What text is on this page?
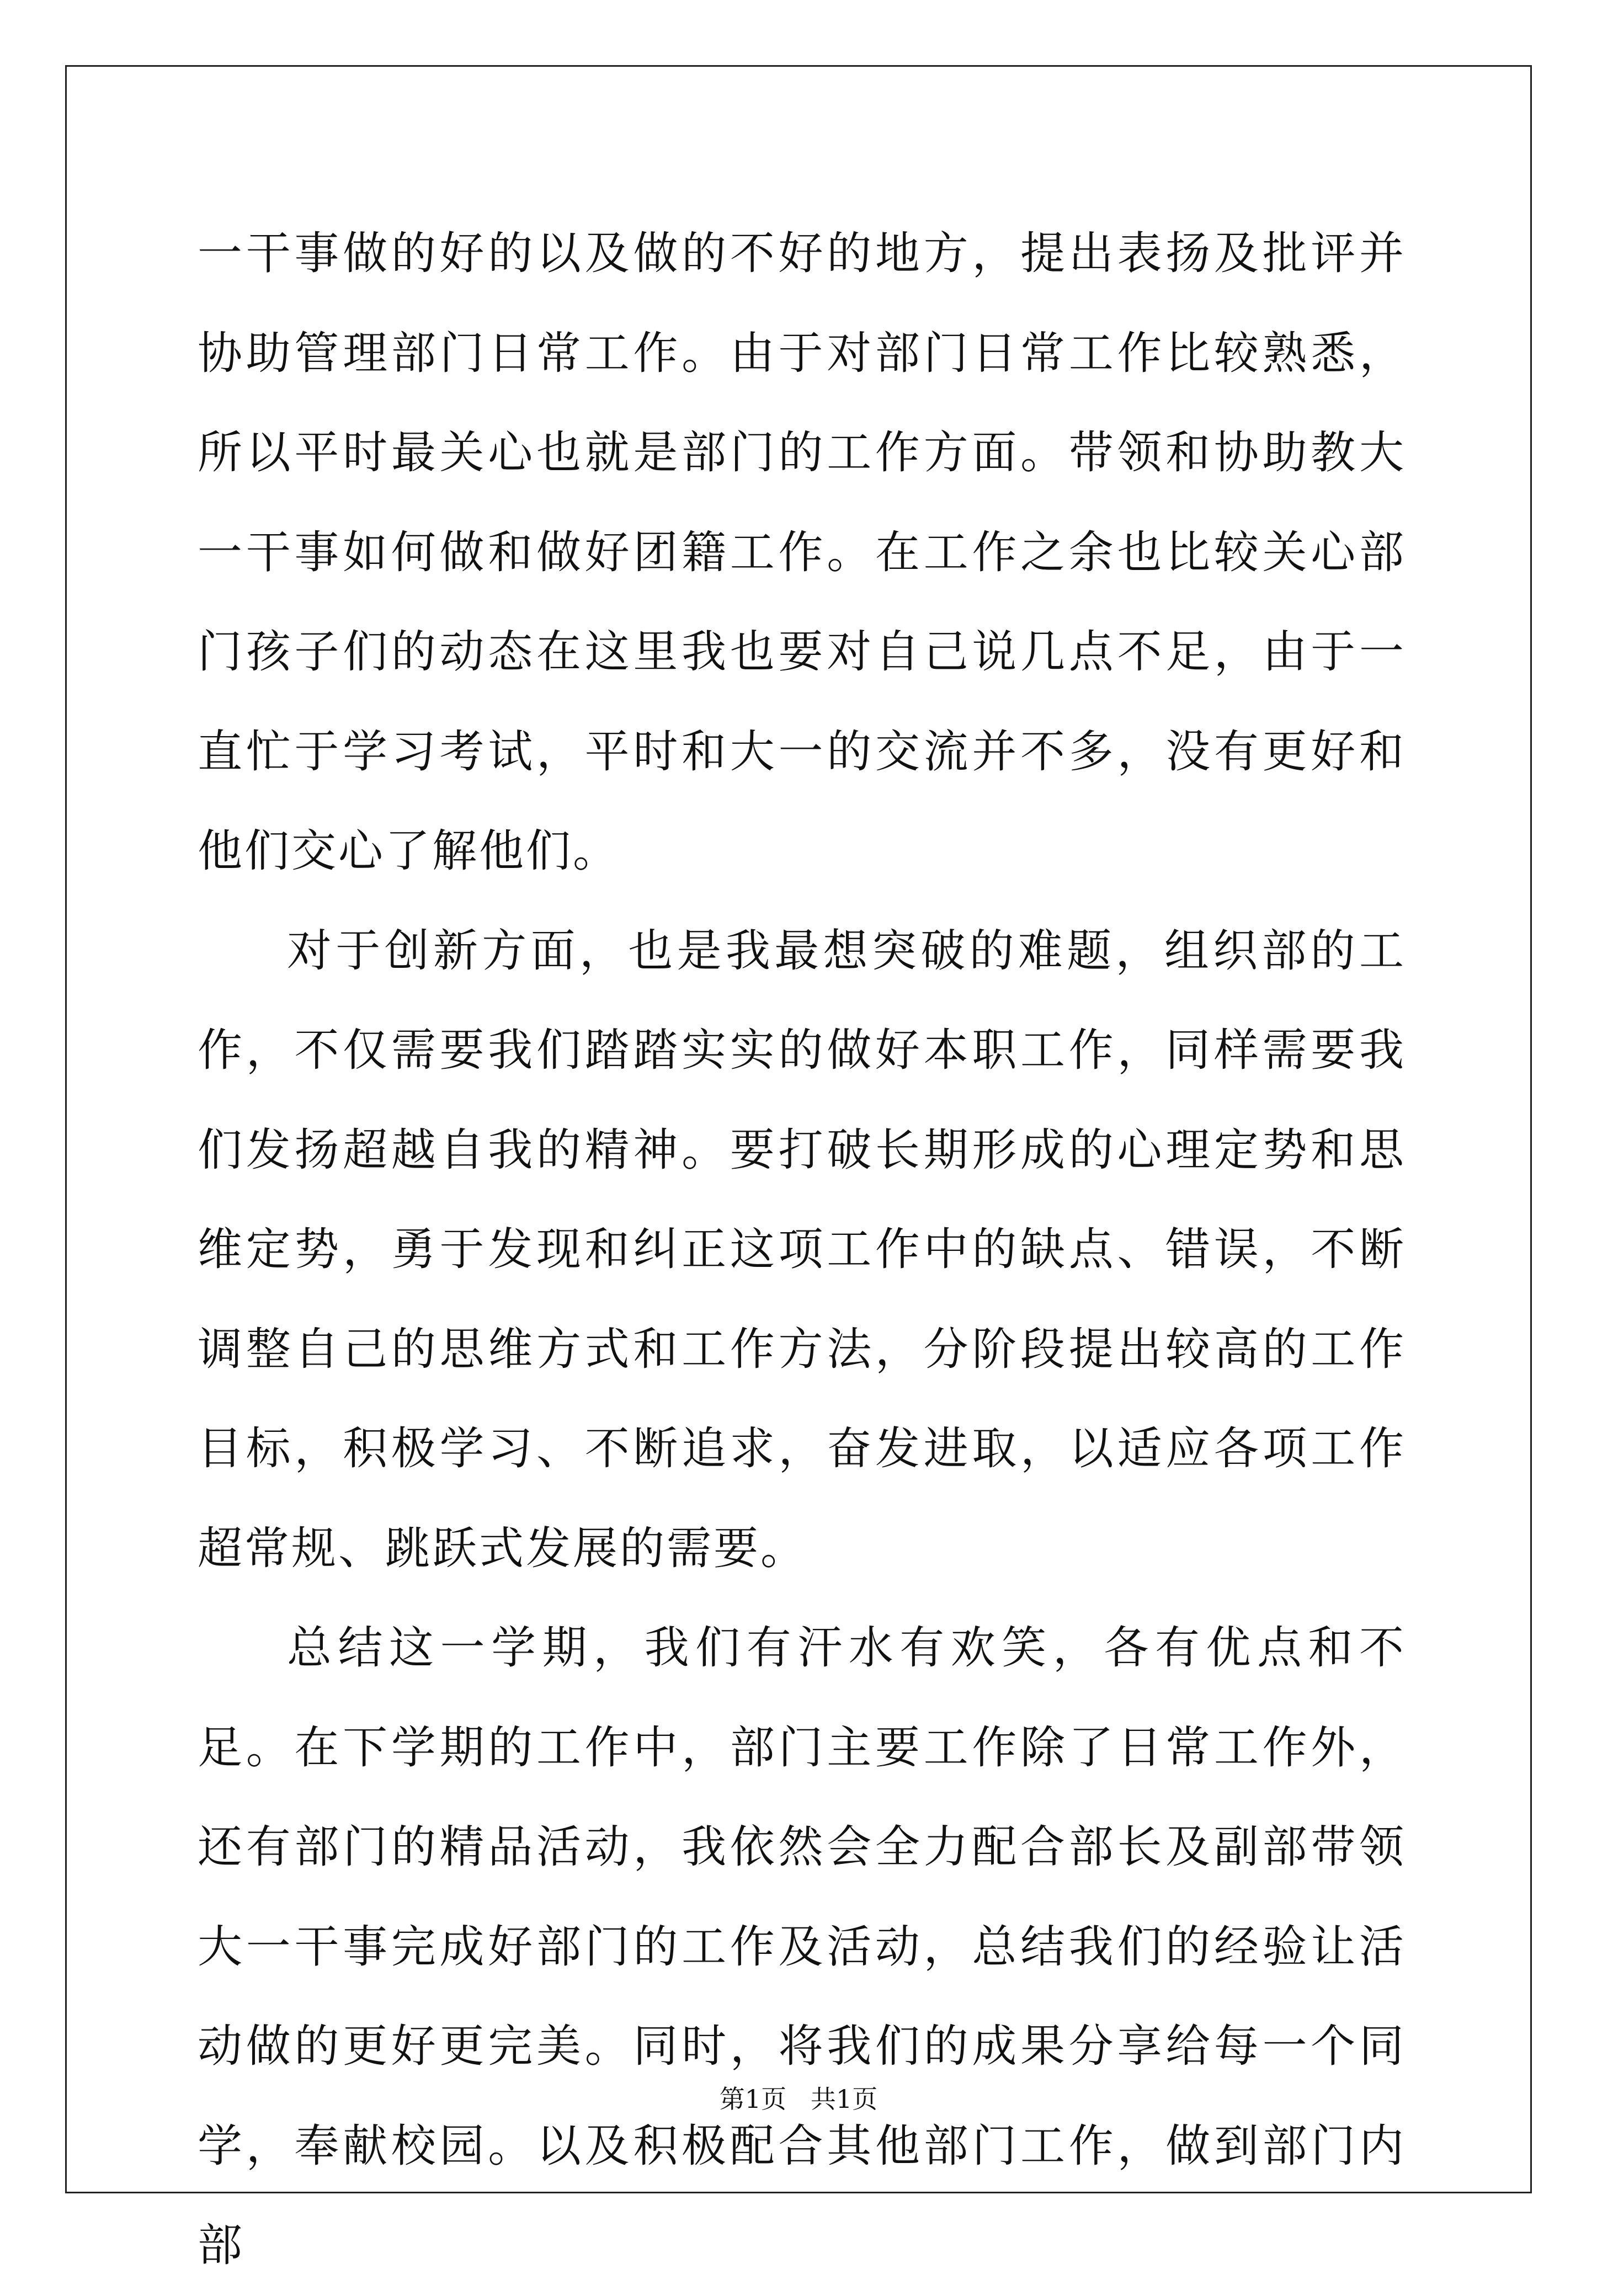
一干事做的好的以及做的不好的地方，提出表扬及批评并协助管理部门日常工作。由于对部门日常工作比较熟悉，所以平时最关心也就是部门的工作方面。带领和协助教大一干事如何做和做好团籍工作。在工作之余也比较关心部门孩子们的动态在这里我也要对自己说几点不足，由于一直忙于学习考试，平时和大一的交流并不多，没有更好和他们交心了解他们。

对于创新方面，也是我最想突破的难题，组织部的工作，不仅需要我们踏踏实实的做好本职工作，同样需要我们发扬超越自我的精神。要打破长期形成的心理定势和思维定势，勇于发现和纠正这项工作中的缺点、错误，不断调整自己的思维方式和工作方法，分阶段提出较高的工作目标，积极学习、不断追求，奋发进取，以适应各项工作超常规、跳跃式发展的需要。

总结这一学期，我们有汗水有欢笑，各有优点和不足。在下学期的工作中，部门主要工作除了日常工作外，还有部门的精品活动，我依然会全力配合部长及副部带领大一干事完成好部门的工作及活动，总结我们的经验让活动做的更好更完美。同时，将我们的成果分享给每一个同学，奉献校园。以及积极配合其他部门工作，做到部门内部

第1页   共1页
